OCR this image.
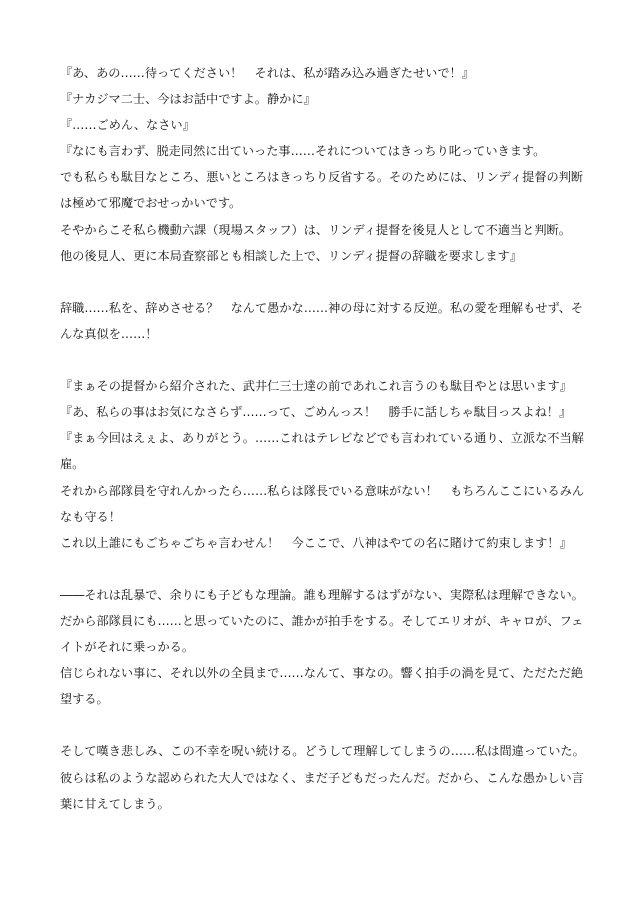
『あ、あの……待ってください！　それは、私が踏み込み過ぎたせいで！』
『ナカジマ二士、今はお話中ですよ。静かに』
『……ごめん、なさい』
『なにも言わず、脱走同然に出ていった事……それについてはきっちり叱っていきます。
でも私らも駄目なところ、悪いところはきっちり反省する。そのためには、リンディ提督の判断
は極めて邪魔でおせっかいです。
そやからこそ私ら機動六課（現場スタッフ）は、リンディ提督を後見人として不適当と判断。
他の後見人、更に本局査察部とも相談した上で、リンディ提督の辞職を要求します』
辞職……私を、辞めさせる？　なんて愚かな……神の母に対する反逆。私の愛を理解もせず、そ
んな真似を……！
『まぁその提督から紹介された、武井仁三士達の前であれこれ言うのも駄目やとは思います』
『あ、私らの事はお気になさらず……って、ごめんっス！　勝手に話しちゃ駄目っスよね！』
『まぁ今回はえぇよ、ありがとう。……これはテレビなどでも言われている通り、立派な不当解
雇。
それから部隊員を守れんかったら……私らは隊長でいる意味がない！　もちろんここにいるみん
なも守る！
これ以上誰にもごちゃごちゃ言わせん！　今ここで、八神はやての名に賭けて約束します！』
――それは乱暴で、余りにも子どもな理論。誰も理解するはずがない、実際私は理解できない。
だから部隊員にも……と思っていたのに、誰かが拍手をする。そしてエリオが、キャロが、フェ
イトがそれに乗っかる。
信じられない事に、それ以外の全員まで……なんて、事なの。響く拍手の渦を見て、ただただ絶
望する。
そして嘆き悲しみ、この不幸を呪い続ける。どうして理解してしまうの……私は間違っていた。
彼らは私のような認められた大人ではなく、まだ子どもだったんだ。だから、こんな愚かしい言
葉に甘えてしまう。
